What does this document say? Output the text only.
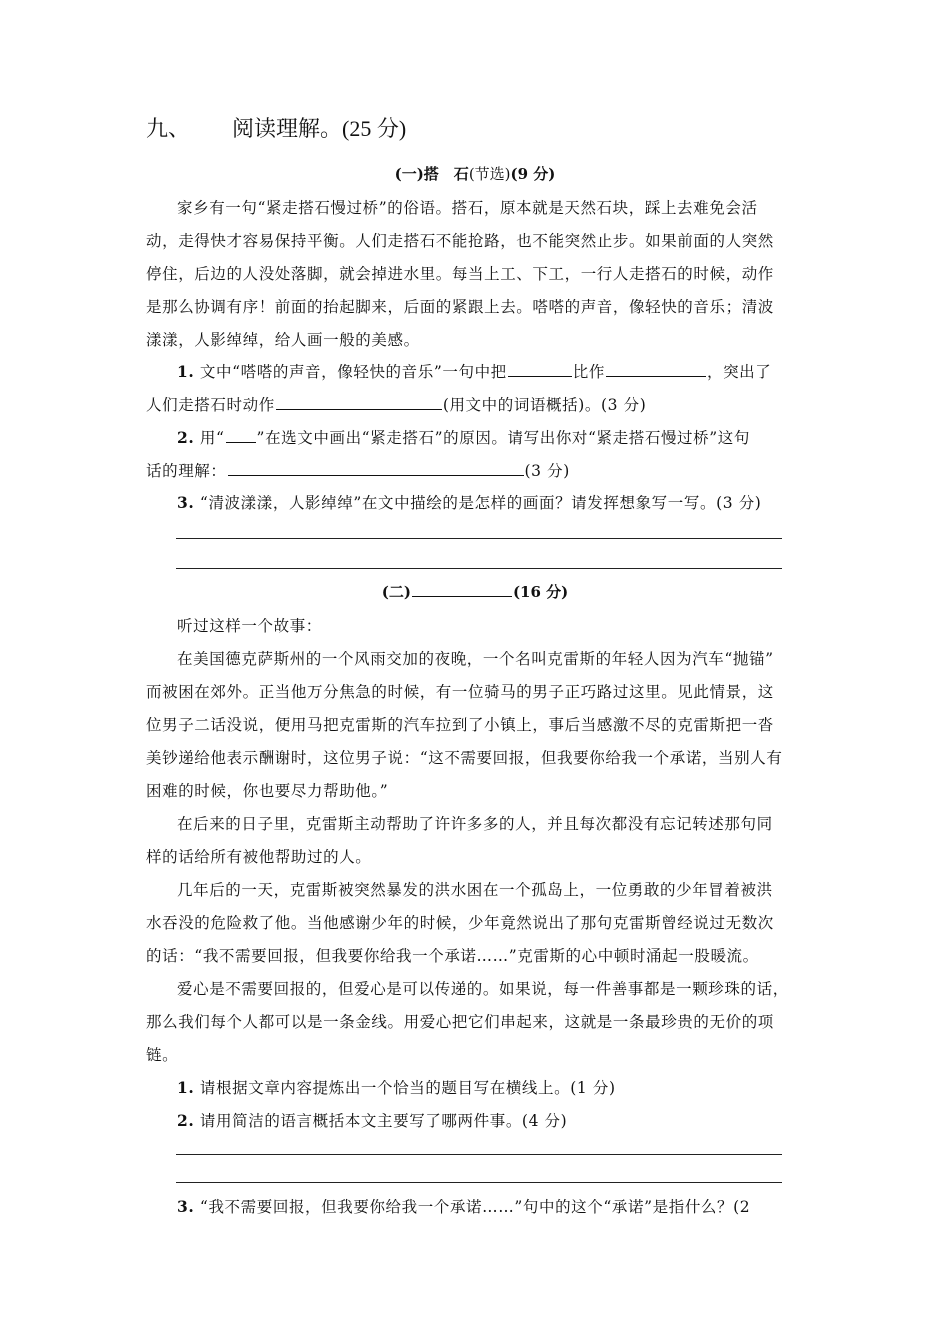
九、 阅读理解。(25 分)
(一)搭　石(节选)(9 分)
家乡有一句“紧走搭石慢过桥”的俗语。搭石，原本就是天然石块，踩上去难免会活
动，走得快才容易保持平衡。人们走搭石不能抢路，也不能突然止步。如果前面的人突然
停住，后边的人没处落脚，就会掉进水里。每当上工、下工，一行人走搭石的时候，动作
是那么协调有序！前面的抬起脚来，后面的紧跟上去。嗒嗒的声音，像轻快的音乐；清波
漾漾，人影绰绰，给人画一般的美感。
1. 文中“嗒嗒的声音，像轻快的音乐”一句中把	比作	，突出了
人们走搭石时动作	(用文中的词语概括)。(3 分)
2. 用“ ”在选文中画出“紧走搭石”的原因。请写出你对“紧走搭石慢过桥”这句
话的理解：	(3 分)
3. “清波漾漾，人影绰绰”在文中描绘的是怎样的画面？请发挥想象写一写。(3 分)
(二)	(16 分)
听过这样一个故事：
在美国德克萨斯州的一个风雨交加的夜晚，一个名叫克雷斯的年轻人因为汽车“抛锚”
而被困在郊外。正当他万分焦急的时候，有一位骑马的男子正巧路过这里。见此情景，这
位男子二话没说，便用马把克雷斯的汽车拉到了小镇上，事后当感激不尽的克雷斯把一沓
美钞递给他表示酬谢时，这位男子说：“这不需要回报，但我要你给我一个承诺，当别人有
困难的时候，你也要尽力帮助他。”
在后来的日子里，克雷斯主动帮助了许许多多的人，并且每次都没有忘记转述那句同
样的话给所有被他帮助过的人。
几年后的一天，克雷斯被突然暴发的洪水困在一个孤岛上，一位勇敢的少年冒着被洪
水吞没的危险救了他。当他感谢少年的时候，少年竟然说出了那句克雷斯曾经说过无数次
的话：“我不需要回报，但我要你给我一个承诺……”克雷斯的心中顿时涌起一股暖流。
爱心是不需要回报的，但爱心是可以传递的。如果说，每一件善事都是一颗珍珠的话，
那么我们每个人都可以是一条金线。用爱心把它们串起来，这就是一条最珍贵的无价的项
链。
1. 请根据文章内容提炼出一个恰当的题目写在横线上。(1 分)
2. 请用简洁的语言概括本文主要写了哪两件事。(4 分)
3. “我不需要回报，但我要你给我一个承诺……”句中的这个“承诺”是指什么？(2
